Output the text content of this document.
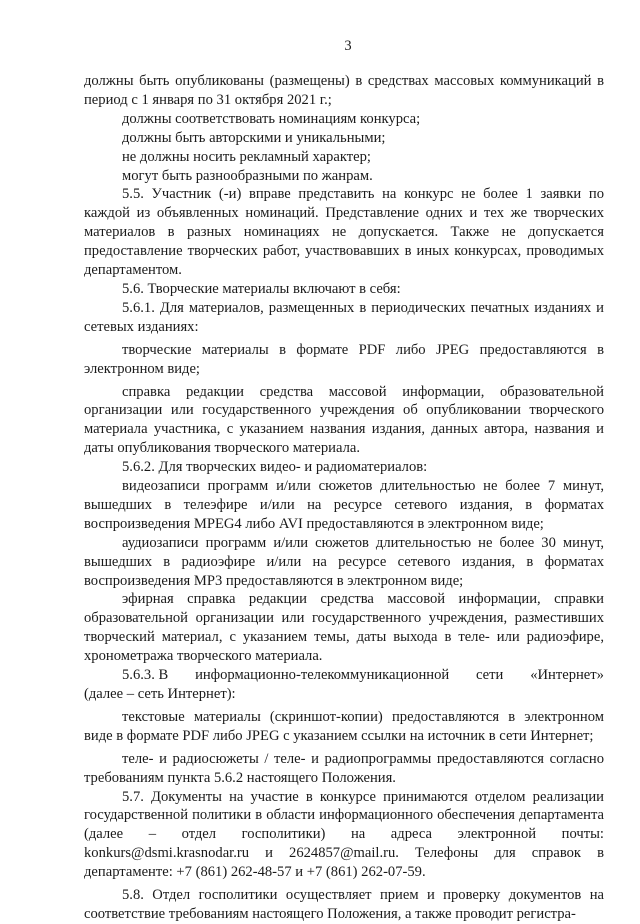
3

должны быть опубликованы (размещены) в средствах массовых коммуникаций в период с 1 января по 31 октября 2021 г.;

должны соответствовать номинациям конкурса;

должны быть авторскими и уникальными;

не должны носить рекламный характер;

могут быть разнообразными по жанрам.

5.5. Участник (-и) вправе представить на конкурс не более 1 заявки по каждой из объявленных номинаций. Представление одних и тех же творческих материалов в разных номинациях не допускается. Также не допускается предоставление творческих работ, участвовавших в иных конкурсах, проводимых департаментом.

5.6. Творческие материалы включают в себя:

5.6.1. Для материалов, размещенных в периодических печатных изданиях и сетевых изданиях:

творческие материалы в формате PDF либо JPEG предоставляются в электронном виде;

справка редакции средства массовой информации, образовательной организации или государственного учреждения об опубликовании творческого материала участника, с указанием названия издания, данных автора, названия и даты опубликования творческого материала.

5.6.2. Для творческих видео- и радиоматериалов:

видеозаписи программ и/или сюжетов длительностью не более 7 минут, вышедших в телеэфире и/или на ресурсе сетевого издания, в форматах воспроизведения MPEG4 либо AVI предоставляются в электронном виде;

аудиозаписи программ и/или сюжетов длительностью не более 30 минут, вышедших в радиоэфире и/или на ресурсе сетевого издания, в форматах воспроизведения MP3 предоставляются в электронном виде;

эфирная справка редакции средства массовой информации, справки образовательной организации или государственного учреждения, разместивших творческий материал, с указанием темы, даты выхода в теле- или радиоэфире, хронометража творческого материала.

5.6.3. В информационно-телекоммуникационной сети «Интернет»

(далее – сеть Интернет):

текстовые материалы (скриншот-копии) предоставляются в электронном виде в формате PDF либо JPEG с указанием ссылки на источник в сети Интернет;

теле- и радиосюжеты / теле- и радиопрограммы предоставляются согласно требованиям пункта 5.6.2 настоящего Положения.

5.7. Документы на участие в конкурсе принимаются отделом реализации государственной политики в области информационного обеспечения департамента (далее – отдел госполитики) на адреса электронной почты: konkurs@dsmi.krasnodar.ru и 2624857@mail.ru. Телефоны для справок в департаменте: +7 (861) 262-48-57 и +7 (861) 262-07-59.

5.8. Отдел госполитики осуществляет прием и проверку документов на соответствие требованиям настоящего Положения, а также проводит регистра-
